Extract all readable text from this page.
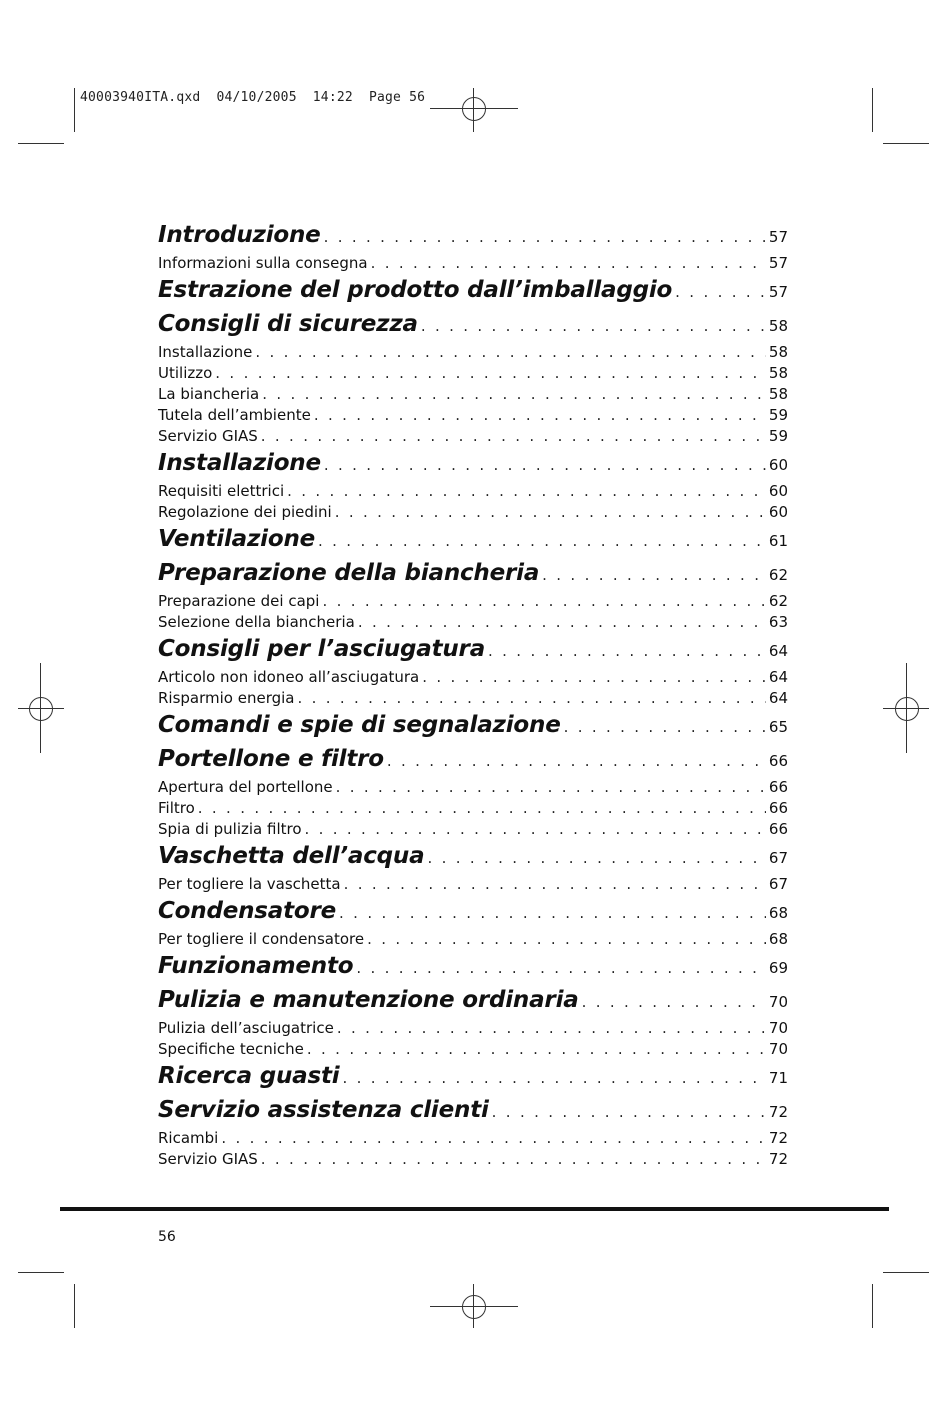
40003940ITA.qxd  04/10/2005  14:22  Page 56
Introduzione . . .	57
Informazioni sulla consegna . . .	57
Estrazione del prodotto dall’imballaggio . . .	57
Consigli di sicurezza . . .	58
Installazione . . .	58
Utilizzo . . .	58
La biancheria . . .	58
Tutela dell’ambiente . . .	59
Servizio GIAS . . .	59
Installazione . . .	60
Requisiti elettrici . . .	60
Regolazione dei piedini . . .	60
Ventilazione . . .	61
Preparazione della biancheria . . .	62
Preparazione dei capi . . .	62
Selezione della biancheria . . .	63
Consigli per l’asciugatura . . .	64
Articolo non idoneo all’asciugatura . . .	64
Risparmio energia . . .	64
Comandi e spie di segnalazione . . .	65
Portellone e filtro . . .	66
Apertura del portellone . . .	66
Filtro . . .	66
Spia di pulizia filtro . . .	66
Vaschetta dell’acqua . . .	67
Per togliere la vaschetta . . .	67
Condensatore . . .	68
Per togliere il condensatore . . .	68
Funzionamento . . .	69
Pulizia e manutenzione ordinaria . . .	70
Pulizia dell’asciugatrice . . .	70
Specifiche tecniche . . .	70
Ricerca guasti . . .	71
Servizio assistenza clienti . . .	72
Ricambi . . .	72
Servizio GIAS . . .	72
56
